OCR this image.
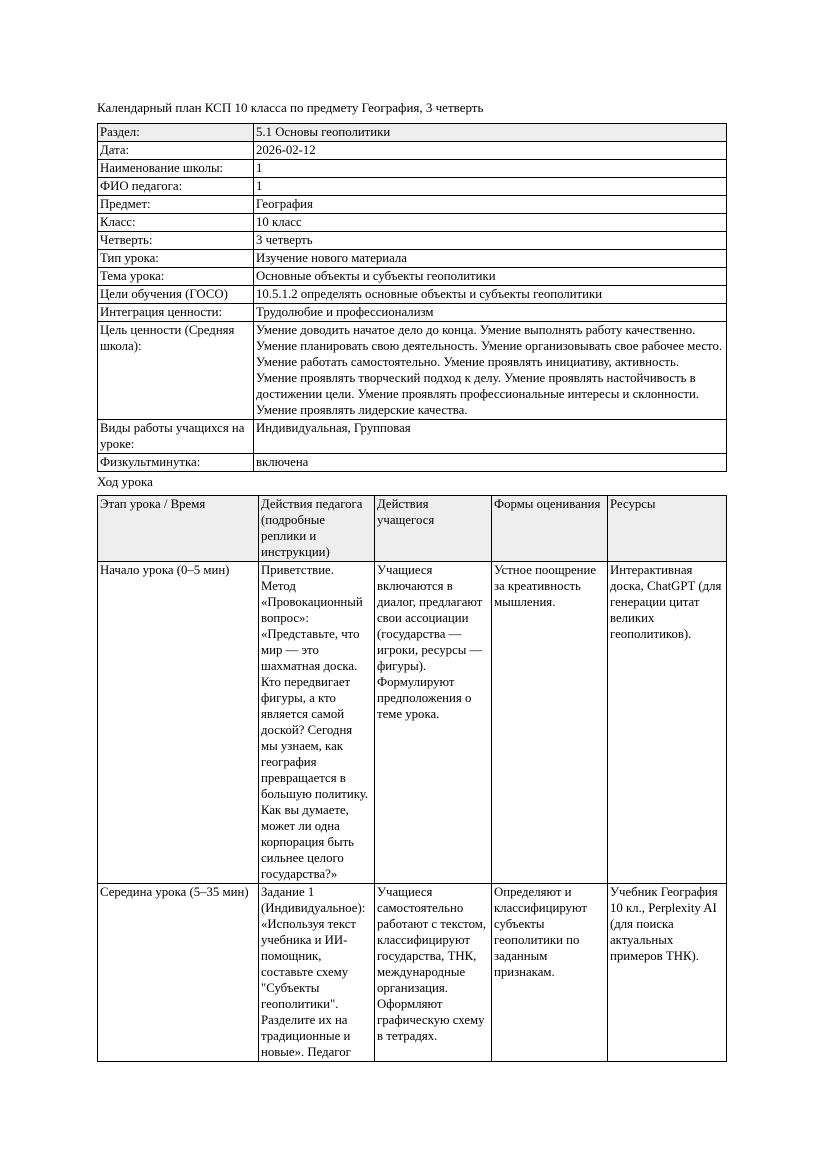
Календарный план КСП 10 класса по предмету География, 3 четверть

Раздел:	5.1 Основы геополитики
Дата:	2026-02-12
Наименование школы:	1
ФИО педагога:	1
Предмет:	География
Класс:	10 класс
Четверть:	3 четверть
Тип урока:	Изучение нового материала
Тема урока:	Основные объекты и субъекты геополитики
Цели обучения (ГОСО)	10.5.1.2 определять основные объекты и субъекты геополитики
Интеграция ценности:	Трудолюбие и профессионализм
Цель ценности (Средняя школа):	Умение доводить начатое дело до конца. Умение выполнять работу качественно. Умение планировать свою деятельность. Умение организовывать свое рабочее место. Умение работать самостоятельно. Умение проявлять инициативу, активность. Умение проявлять творческий подход к делу. Умение проявлять настойчивость в достижении цели. Умение проявлять профессиональные интересы и склонности. Умение проявлять лидерские качества.
Виды работы учащихся на уроке:	Индивидуальная, Групповая
Физкультминутка:	включена

Ход урока

Этап урока / Время	Действия педагога (подробные реплики и инструкции)	Действия учащегося	Формы оценивания	Ресурсы
Начало урока (0–5 мин)	Приветствие. Метод «Провокационный вопрос»: «Представьте, что мир — это шахматная доска. Кто передвигает фигуры, а кто является самой доской? Сегодня мы узнаем, как география превращается в большую политику. Как вы думаете, может ли одна корпорация быть сильнее целого государства?»	Учащиеся включаются в диалог, предлагают свои ассоциации (государства — игроки, ресурсы — фигуры). Формулируют предположения о теме урока.	Устное поощрение за креативность мышления.	Интерактивная доска, ChatGPT (для генерации цитат великих геополитиков).
Середина урока (5–35 мин)	Задание 1 (Индивидуальное): «Используя текст учебника и ИИ-помощник, составьте схему "Субъекты геополитики". Разделите их на традиционные и новые». Педагог	Учащиеся самостоятельно работают с текстом, классифицируют государства, ТНК, международные организация. Оформляют графическую схему в тетрадях.	Определяют и классифицируют субъекты геополитики по заданным признакам.	Учебник География 10 кл., Perplexity AI (для поиска актуальных примеров ТНК).
